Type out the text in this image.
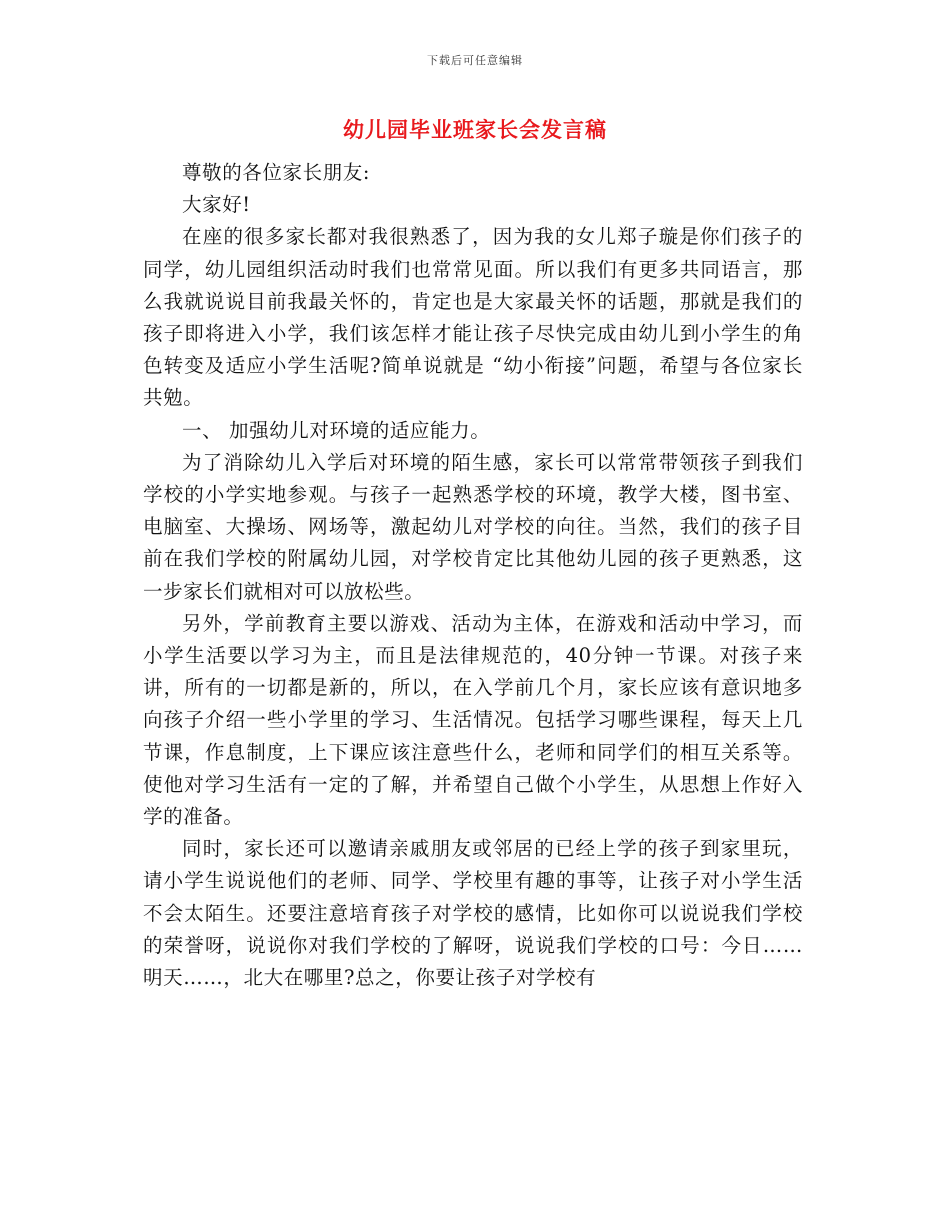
下载后可任意编辑
幼儿园毕业班家长会发言稿

尊敬的各位家长朋友:

大家好!

在座的很多家长都对我很熟悉了，因为我的女儿郑子璇是你们孩子的同学，幼儿园组织活动时我们也常常见面。所以我们有更多共同语言，那么我就说说目前我最关怀的，肯定也是大家最关怀的话题，那就是我们的孩子即将进入小学，我们该怎样才能让孩子尽快完成由幼儿到小学生的角色转变及适应小学生活呢?简单说就是 “幼小衔接”问题，希望与各位家长共勉。

一、 加强幼儿对环境的适应能力。

为了消除幼儿入学后对环境的陌生感，家长可以常常带领孩子到我们学校的小学实地参观。与孩子一起熟悉学校的环境，教学大楼，图书室、电脑室、大操场、网场等，激起幼儿对学校的向往。当然，我们的孩子目前在我们学校的附属幼儿园，对学校肯定比其他幼儿园的孩子更熟悉，这一步家长们就相对可以放松些。

另外，学前教育主要以游戏、活动为主体，在游戏和活动中学习，而小学生活要以学习为主，而且是法律规范的，40分钟一节课。对孩子来讲，所有的一切都是新的，所以，在入学前几个月，家长应该有意识地多向孩子介绍一些小学里的学习、生活情况。包括学习哪些课程，每天上几节课，作息制度，上下课应该注意些什么，老师和同学们的相互关系等。使他对学习生活有一定的了解，并希望自己做个小学生，从思想上作好入学的准备。

同时，家长还可以邀请亲戚朋友或邻居的已经上学的孩子到家里玩，请小学生说说他们的老师、同学、学校里有趣的事等，让孩子对小学生活不会太陌生。还要注意培育孩子对学校的感情，比如你可以说说我们学校的荣誉呀，说说你对我们学校的了解呀，说说我们学校的口号：今日……明天……，北大在哪里?总之，你要让孩子对学校有
